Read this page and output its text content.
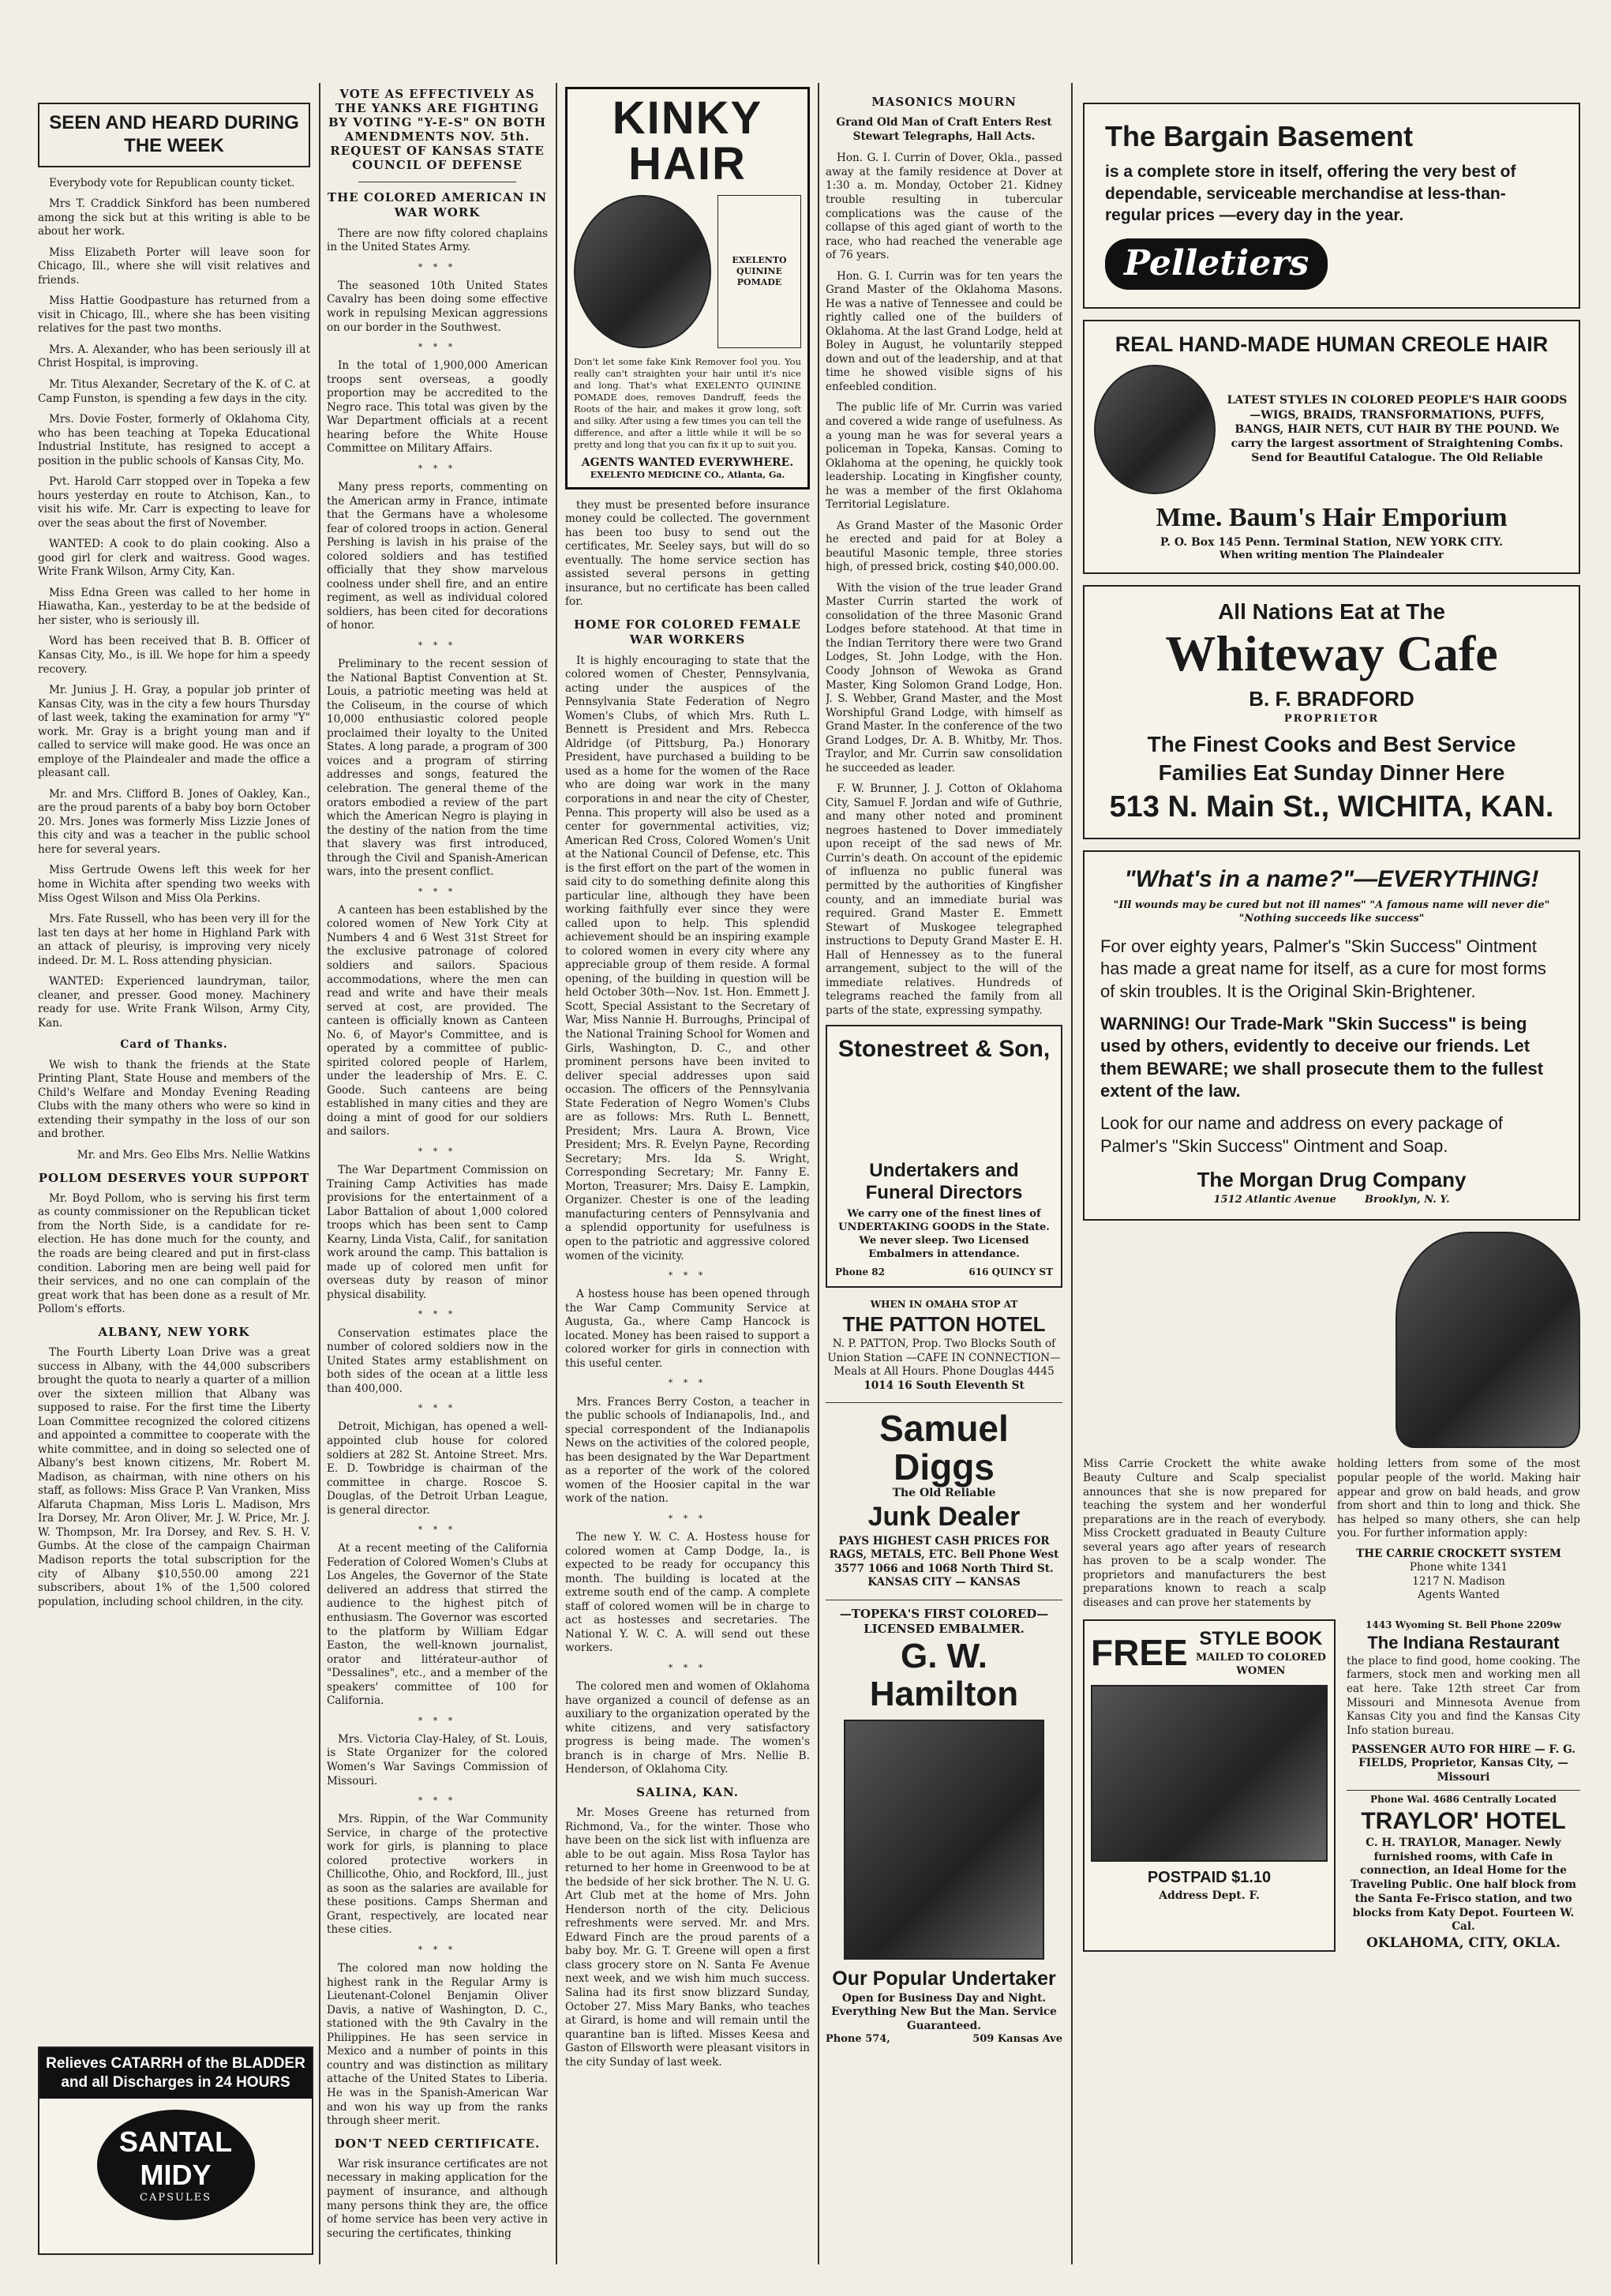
SEEN AND HEARD DURING THE WEEK

Everybody vote for Republican county ticket.

Mrs T. Craddick Sinkford has been numbered among the sick but at this writing is able to be about her work.

Miss Elizabeth Porter will leave soon for Chicago, Ill., where she will visit relatives and friends.

Miss Hattie Goodpasture has returned from a visit in Chicago, Ill., where she has been visiting relatives for the past two months.

Mrs. A. Alexander, who has been seriously ill at Christ Hospital, is improving.

Mr. Titus Alexander, Secretary of the K. of C. at Camp Funston, is spending a few days in the city.

Mrs. Dovie Foster, formerly of Oklahoma City, who has been teaching at Topeka Educational Industrial Institute, has resigned to accept a position in the public schools of Kansas City, Mo.

Pvt. Harold Carr stopped over in Topeka a few hours yesterday en route to Atchison, Kan., to visit his wife. Mr. Carr is expecting to leave for over the seas about the first of November.

WANTED: A cook to do plain cooking. Also a good girl for clerk and waitress. Good wages. Write Frank Wilson, Army City, Kan.

Miss Edna Green was called to her home in Hiawatha, Kan., yesterday to be at the bedside of her sister, who is seriously ill.

Word has been received that B. B. Officer of Kansas City, Mo., is ill. We hope for him a speedy recovery.

Mr. Junius J. H. Gray, a popular job printer of Kansas City, was in the city a few hours Thursday of last week, taking the examination for army "Y" work. Mr. Gray is a bright young man and if called to service will make good. He was once an employe of the Plaindealer and made the office a pleasant call.

Mr. and Mrs. Clifford B. Jones of Oakley, Kan., are the proud parents of a baby boy born October 20. Mrs. Jones was formerly Miss Lizzie Jones of this city and was a teacher in the public school here for several years.

Miss Gertrude Owens left this week for her home in Wichita after spending two weeks with Miss Ogest Wilson and Miss Ola Perkins.

Mrs. Fate Russell, who has been very ill for the last ten days at her home in Highland Park with an attack of pleurisy, is improving very nicely indeed. Dr. M. L. Ross attending physician.

WANTED: Experienced laundryman, tailor, cleaner, and presser. Good money. Machinery ready for use. Write Frank Wilson, Army City, Kan.

Card of Thanks.

We wish to thank the friends at the State Printing Plant, State House and members of the Child's Welfare and Monday Evening Reading Clubs with the many others who were so kind in extending their sympathy in the loss of our son and brother.

Mr. and Mrs. Geo Elbs Mrs. Nellie Watkins

POLLOM DESERVES YOUR SUPPORT

Mr. Boyd Pollom, who is serving his first term as county commissioner on the Republican ticket from the North Side, is a candidate for re-election. He has done much for the county, and the roads are being cleared and put in first-class condition. Laboring men are being well paid for their services, and no one can complain of the great work that has been done as a result of Mr. Pollom's efforts.

ALBANY, NEW YORK

The Fourth Liberty Loan Drive was a great success in Albany, with the 44,000 subscribers brought the quota to nearly a quarter of a million over the sixteen million that Albany was supposed to raise. For the first time the Liberty Loan Committee recognized the colored citizens and appointed a committee to cooperate with the white committee, and in doing so selected one of Albany's best known citizens, Mr. Robert M. Madison, as chairman, with nine others on his staff, as follows: Miss Grace P. Van Vranken, Miss Alfaruta Chapman, Miss Loris L. Madison, Mrs Ira Dorsey, Mr. Aron Oliver, Mr. J. W. Price, Mr. J. W. Thompson, Mr. Ira Dorsey, and Rev. S. H. V. Gumbs. At the close of the campaign Chairman Madison reports the total subscription for the city of Albany $10,550.00 among 221 subscribers, about 1% of the 1,500 colored population, including school children, in the city.

Relieves CATARRH of the BLADDER and all Discharges in 24 HOURS
SANTAL MIDY
CAPSULES
VOTE AS EFFECTIVELY AS THE YANKS ARE FIGHTING BY VOTING "Y-E-S" ON BOTH AMENDMENTS NOV. 5th. REQUEST OF KANSAS STATE COUNCIL OF DEFENSE
THE COLORED AMERICAN IN WAR WORK

There are now fifty colored chaplains in the United States Army.

* * *

The seasoned 10th United States Cavalry has been doing some effective work in repulsing Mexican aggressions on our border in the Southwest.

* * *

In the total of 1,900,000 American troops sent overseas, a goodly proportion may be accredited to the Negro race. This total was given by the War Department officials at a recent hearing before the White House Committee on Military Affairs.

* * *

Many press reports, commenting on the American army in France, intimate that the Germans have a wholesome fear of colored troops in action. General Pershing is lavish in his praise of the colored soldiers and has testified officially that they show marvelous coolness under shell fire, and an entire regiment, as well as individual colored soldiers, has been cited for decorations of honor.

* * *

Preliminary to the recent session of the National Baptist Convention at St. Louis, a patriotic meeting was held at the Coliseum, in the course of which 10,000 enthusiastic colored people proclaimed their loyalty to the United States. A long parade, a program of 300 voices and a program of stirring addresses and songs, featured the celebration. The general theme of the orators embodied a review of the part which the American Negro is playing in the destiny of the nation from the time that slavery was first introduced, through the Civil and Spanish-American wars, into the present conflict.

* * *

A canteen has been established by the colored women of New York City at Numbers 4 and 6 West 31st Street for the exclusive patronage of colored soldiers and sailors. Spacious accommodations, where the men can read and write and have their meals served at cost, are provided. The canteen is officially known as Canteen No. 6, of Mayor's Committee, and is operated by a committee of public-spirited colored people of Harlem, under the leadership of Mrs. E. C. Goode. Such canteens are being established in many cities and they are doing a mint of good for our soldiers and sailors.

* * *

The War Department Commission on Training Camp Activities has made provisions for the entertainment of a Labor Battalion of about 1,000 colored troops which has been sent to Camp Kearny, Linda Vista, Calif., for sanitation work around the camp. This battalion is made up of colored men unfit for overseas duty by reason of minor physical disability.

* * *

Conservation estimates place the number of colored soldiers now in the United States army establishment on both sides of the ocean at a little less than 400,000.

* * *

Detroit, Michigan, has opened a well-appointed club house for colored soldiers at 282 St. Antoine Street. Mrs. E. D. Towbridge is chairman of the committee in charge. Roscoe S. Douglas, of the Detroit Urban League, is general director.

* * *

At a recent meeting of the California Federation of Colored Women's Clubs at Los Angeles, the Governor of the State delivered an address that stirred the audience to the highest pitch of enthusiasm. The Governor was escorted to the platform by William Edgar Easton, the well-known journalist, orator and littérateur-author of "Dessalines", etc., and a member of the speakers' committee of 100 for California.

* * *

Mrs. Victoria Clay-Haley, of St. Louis, is State Organizer for the colored Women's War Savings Commission of Missouri.

* * *

Mrs. Rippin, of the War Community Service, in charge of the protective work for girls, is planning to place colored protective workers in Chillicothe, Ohio, and Rockford, Ill., just as soon as the salaries are available for these positions. Camps Sherman and Grant, respectively, are located near these cities.

* * *

The colored man now holding the highest rank in the Regular Army is Lieutenant-Colonel Benjamin Oliver Davis, a native of Washington, D. C., stationed with the 9th Cavalry in the Philippines. He has seen service in Mexico and a number of points in this country and was distinction as military attache of the United States to Liberia. He was in the Spanish-American War and won his way up from the ranks through sheer merit.

DON'T NEED CERTIFICATE.

War risk insurance certificates are not necessary in making application for the payment of insurance, and although many persons think they are, the office of home service has been very active in securing the certificates, thinking

KINKY HAIR
EXELENTO QUININE POMADE
Don't let some fake Kink Remover fool you. You really can't straighten your hair until it's nice and long. That's what EXELENTO QUININE POMADE does, removes Dandruff, feeds the Roots of the hair, and makes it grow long, soft and silky. After using a few times you can tell the difference, and after a little while it will be so pretty and long that you can fix it up to suit you.
AGENTS WANTED EVERYWHERE.
EXELENTO MEDICINE CO., Atlanta, Ga.

they must be presented before insurance money could be collected. The government has been too busy to send out the certificates, Mr. Seeley says, but will do so eventually. The home service section has assisted several persons in getting insurance, but no certificate has been called for.

HOME FOR COLORED FEMALE WAR WORKERS

It is highly encouraging to state that the colored women of Chester, Pennsylvania, acting under the auspices of the Pennsylvania State Federation of Negro Women's Clubs, of which Mrs. Ruth L. Bennett is President and Mrs. Rebecca Aldridge (of Pittsburg, Pa.) Honorary President, have purchased a building to be used as a home for the women of the Race who are doing war work in the many corporations in and near the city of Chester, Penna. This property will also be used as a center for governmental activities, viz; American Red Cross, Colored Women's Unit at the National Council of Defense, etc. This is the first effort on the part of the women in said city to do something definite along this particular line, although they have been working faithfully ever since they were called upon to help. This splendid achievement should be an inspiring example to colored women in every city where any appreciable group of them reside. A formal opening, of the building in question will be held October 30th—Nov. 1st. Hon. Emmett J. Scott, Special Assistant to the Secretary of War, Miss Nannie H. Burroughs, Principal of the National Training School for Women and Girls, Washington, D. C., and other prominent persons have been invited to deliver special addresses upon said occasion. The officers of the Pennsylvania State Federation of Negro Women's Clubs are as follows: Mrs. Ruth L. Bennett, President; Mrs. Laura A. Brown, Vice President; Mrs. R. Evelyn Payne, Recording Secretary; Mrs. Ida S. Wright, Corresponding Secretary; Mr. Fanny E. Morton, Treasurer; Mrs. Daisy E. Lampkin, Organizer. Chester is one of the leading manufacturing centers of Pennsylvania and a splendid opportunity for usefulness is open to the patriotic and aggressive colored women of the vicinity.

* * *

A hostess house has been opened through the War Camp Community Service at Augusta, Ga., where Camp Hancock is located. Money has been raised to support a colored worker for girls in connection with this useful center.

* * *

Mrs. Frances Berry Coston, a teacher in the public schools of Indianapolis, Ind., and special correspondent of the Indianapolis News on the activities of the colored people, has been designated by the War Department as a reporter of the work of the colored women of the Hoosier capital in the war work of the nation.

* * *

The new Y. W. C. A. Hostess house for colored women at Camp Dodge, Ia., is expected to be ready for occupancy this month. The building is located at the extreme south end of the camp. A complete staff of colored women will be in charge to act as hostesses and secretaries. The National Y. W. C. A. will send out these workers.

* * *

The colored men and women of Oklahoma have organized a council of defense as an auxiliary to the organization operated by the white citizens, and very satisfactory progress is being made. The women's branch is in charge of Mrs. Nellie B. Henderson, of Oklahoma City.

SALINA, KAN.

Mr. Moses Greene has returned from Richmond, Va., for the winter. Those who have been on the sick list with influenza are able to be out again. Miss Rosa Taylor has returned to her home in Greenwood to be at the bedside of her sick brother. The N. U. G. Art Club met at the home of Mrs. John Henderson north of the city. Delicious refreshments were served. Mr. and Mrs. Edward Finch are the proud parents of a baby boy. Mr. G. T. Greene will open a first class grocery store on N. Santa Fe Avenue next week, and we wish him much success. Salina had its first snow blizzard Sunday, October 27. Miss Mary Banks, who teaches at Girard, is home and will remain until the quarantine ban is lifted. Misses Keesa and Gaston of Ellsworth were pleasant visitors in the city Sunday of last week.

MASONICS MOURN
Grand Old Man of Craft Enters Rest Stewart Telegraphs, Hall Acts.

Hon. G. I. Currin of Dover, Okla., passed away at the family residence at Dover at 1:30 a. m. Monday, October 21. Kidney trouble resulting in tubercular complications was the cause of the collapse of this aged giant of worth to the race, who had reached the venerable age of 76 years.

Hon. G. I. Currin was for ten years the Grand Master of the Oklahoma Masons. He was a native of Tennessee and could be rightly called one of the builders of Oklahoma. At the last Grand Lodge, held at Boley in August, he voluntarily stepped down and out of the leadership, and at that time he showed visible signs of his enfeebled condition.

The public life of Mr. Currin was varied and covered a wide range of usefulness. As a young man he was for several years a policeman in Topeka, Kansas. Coming to Oklahoma at the opening, he quickly took leadership. Locating in Kingfisher county, he was a member of the first Oklahoma Territorial Legislature.

As Grand Master of the Masonic Order he erected and paid for at Boley a beautiful Masonic temple, three stories high, of pressed brick, costing $40,000.00.

With the vision of the true leader Grand Master Currin started the work of consolidation of the three Masonic Grand Lodges before statehood. At that time in the Indian Territory there were two Grand Lodges, St. John Lodge, with the Hon. Coody Johnson of Wewoka as Grand Master, King Solomon Grand Lodge, Hon. J. S. Webber, Grand Master, and the Most Worshipful Grand Lodge, with himself as Grand Master. In the conference of the two Grand Lodges, Dr. A. B. Whitby, Mr. Thos. Traylor, and Mr. Currin saw consolidation he succeeded as leader.

F. W. Brunner, J. J. Cotton of Oklahoma City, Samuel F. Jordan and wife of Guthrie, and many other noted and prominent negroes hastened to Dover immediately upon receipt of the sad news of Mr. Currin's death. On account of the epidemic of influenza no public funeral was permitted by the authorities of Kingfisher county, and an immediate burial was required. Grand Master E. Emmett Stewart of Muskogee telegraphed instructions to Deputy Grand Master E. H. Hall of Hennessey as to the funeral arrangement, subject to the will of the immediate relatives. Hundreds of telegrams reached the family from all parts of the state, expressing sympathy.

Stonestreet & Son,
Undertakers and Funeral Directors
We carry one of the finest lines of UNDERTAKING GOODS in the State. We never sleep. Two Licensed Embalmers in attendance.
Phone 82	616 QUINCY ST
WHEN IN OMAHA STOP AT
THE PATTON HOTEL
N. P. PATTON, Prop. Two Blocks South of Union Station —CAFE IN CONNECTION— Meals at All Hours. Phone Douglas 4445
1014 16 South Eleventh St
Samuel Diggs
The Old Reliable
Junk Dealer
PAYS HIGHEST CASH PRICES FOR RAGS, METALS, ETC. Bell Phone West 3577 1066 and 1068 North Third St. KANSAS CITY — KANSAS
—TOPEKA'S FIRST COLORED— LICENSED EMBALMER.
G. W. Hamilton
Our Popular Undertaker
Open for Business Day and Night. Everything New But the Man. Service Guaranteed.
Phone 574,	509 Kansas Ave
The Bargain Basement
is a complete store in itself, offering the very best of dependable, serviceable merchandise at less-than-regular prices —every day in the year.
Pelletiers
REAL HAND-MADE HUMAN CREOLE HAIR
LATEST STYLES IN COLORED PEOPLE'S HAIR GOODS—WIGS, BRAIDS, TRANSFORMATIONS, PUFFS, BANGS, HAIR NETS, CUT HAIR BY THE POUND. We carry the largest assortment of Straightening Combs. Send for Beautiful Catalogue. The Old Reliable
Mme. Baum's Hair Emporium
P. O. Box 145 Penn. Terminal Station, NEW YORK CITY.
When writing mention The Plaindealer
All Nations Eat at The
Whiteway Cafe
B. F. BRADFORD
PROPRIETOR
The Finest Cooks and Best Service
Families Eat Sunday Dinner Here
513 N. Main St., WICHITA, KAN.
"What's in a name?"—EVERYTHING!
"Ill wounds may be cured but not ill names" "A famous name will never die" "Nothing succeeds like success"
For over eighty years, Palmer's "Skin Success" Ointment has made a great name for itself, as a cure for most forms of skin troubles. It is the Original Skin-Brightener.
WARNING! Our Trade-Mark "Skin Success" is being used by others, evidently to deceive our friends. Let them BEWARE; we shall prosecute them to the fullest extent of the law.
Look for our name and address on every package of Palmer's "Skin Success" Ointment and Soap.
The Morgan Drug Company
1512 Atlantic Avenue        Brooklyn, N. Y.
Miss Carrie Crockett the white awake Beauty Culture and Scalp specialist announces that she is now prepared for teaching the system and her wonderful preparations are in the reach of everybody. Miss Crockett graduated in Beauty Culture several years ago after years of research has proven to be a scalp wonder. The proprietors and manufacturers the best preparations known to reach a scalp diseases and can prove her statements by
holding letters from some of the most popular people of the world. Making hair appear and grow on bald heads, and grow from short and thin to long and thick. She has helped so many others, she can help you. For further information apply:
THE CARRIE CROCKETT SYSTEM
Phone white 1341
1217 N. Madison
Agents Wanted
FREE STYLE BOOK
MAILED TO COLORED WOMEN
POSTPAID $1.10
Address Dept. F.
1443 Wyoming St. Bell Phone 2209w
The Indiana Restaurant
the place to find good, home cooking. The farmers, stock men and working men all eat here. Take 12th street Car from Missouri and Minnesota Avenue from Kansas City you and find the Kansas City Info station bureau.
PASSENGER AUTO FOR HIRE — F. G. FIELDS, Proprietor, Kansas City, — Missouri
Phone Wal. 4686 Centrally Located
TRAYLOR' HOTEL
C. H. TRAYLOR, Manager. Newly furnished rooms, with Cafe in connection, an Ideal Home for the Traveling Public. One half block from the Santa Fe-Frisco station, and two blocks from Katy Depot. Fourteen W. Cal.
OKLAHOMA, CITY, OKLA.
